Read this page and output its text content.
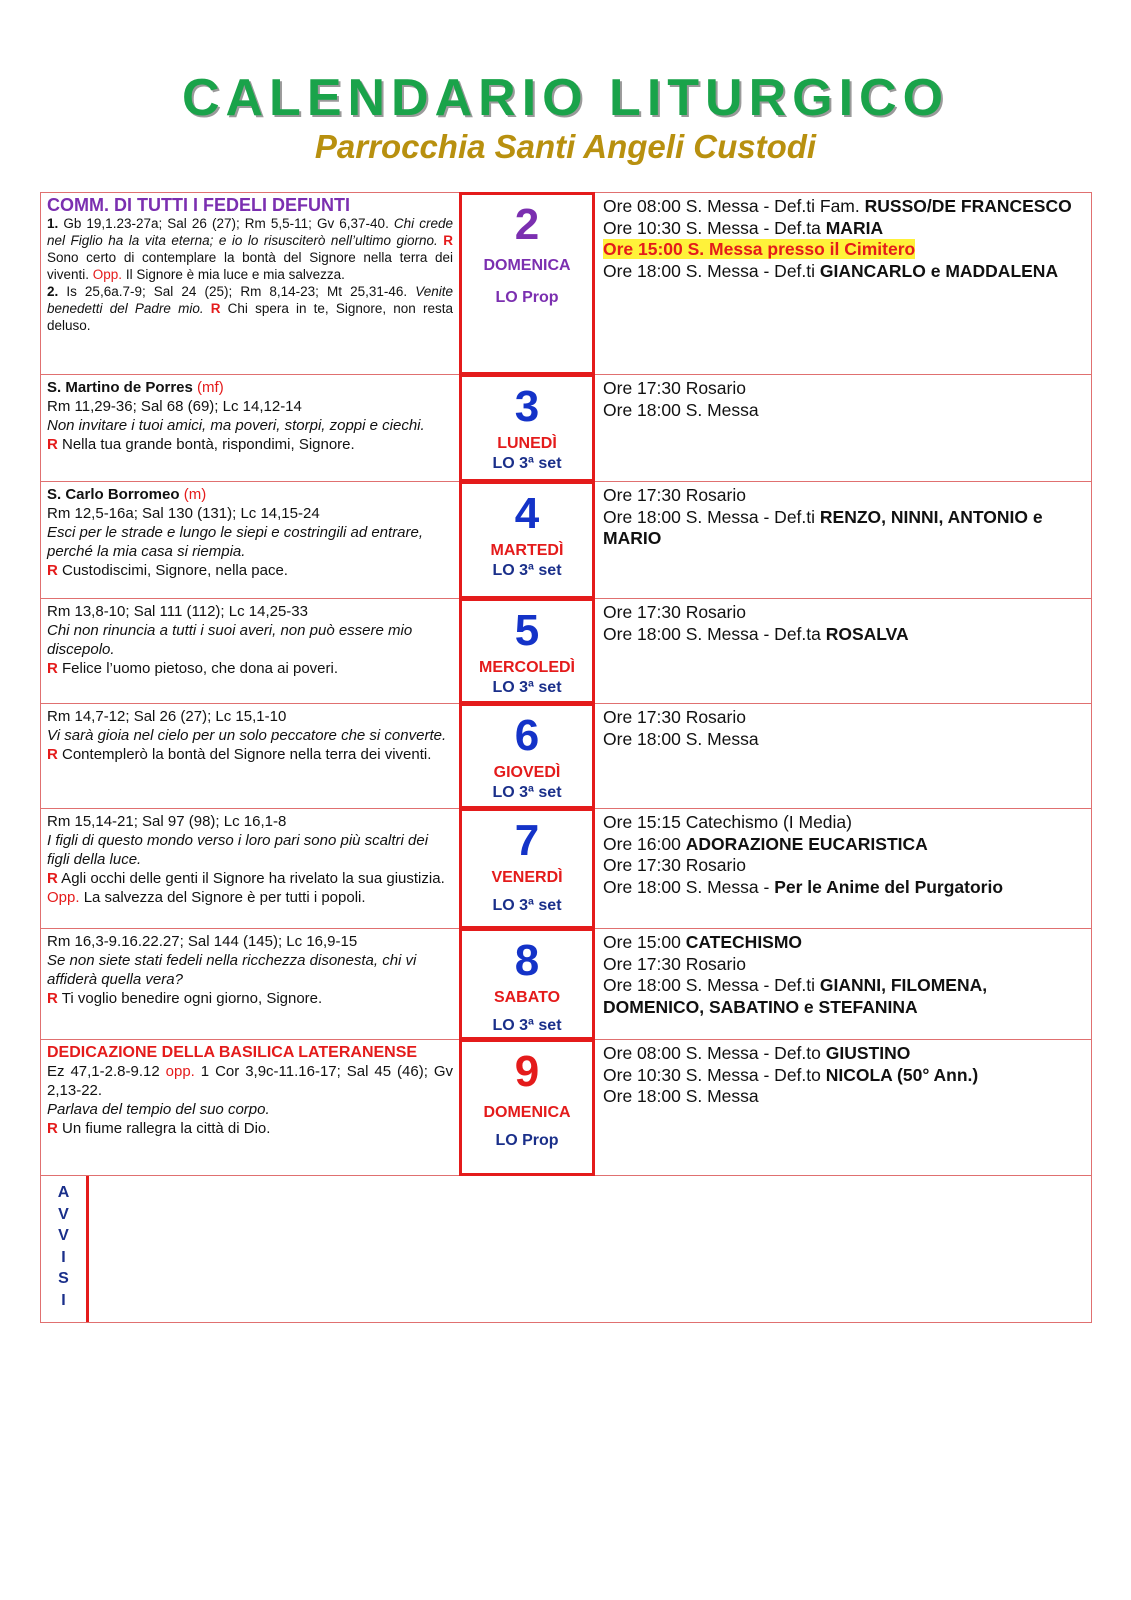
CALENDARIO LITURGICO
Parrocchia Santi Angeli Custodi
COMM. DI TUTTI I FEDELI DEFUNTI
1. Gb 19,1.23-27a; Sal 26 (27); Rm 5,5-11; Gv 6,37-40. Chi crede nel Figlio ha la vita eterna; e io lo risusciterò nell’ultimo giorno. R Sono certo di contemplare la bontà del Signore nella terra dei viventi. Opp. Il Signore è mia luce e mia salvezza.
2. Is 25,6a.7-9; Sal 24 (25); Rm 8,14-23; Mt 25,31-46. Venite benedetti del Padre mio. R Chi spera in te, Signore, non resta deluso.
2
DOMENICA
LO Prop
Ore 08:00 S. Messa - Def.ti Fam. RUSSO/DE FRANCESCO
Ore 10:30 S. Messa - Def.ta MARIA
Ore 15:00 S. Messa presso il Cimitero
Ore 18:00 S. Messa - Def.ti GIANCARLO e MADDALENA
S. Martino de Porres (mf)
Rm 11,29-36; Sal 68 (69); Lc 14,12-14
Non invitare i tuoi amici, ma poveri, storpi, zoppi e ciechi.
R Nella tua grande bontà, rispondimi, Signore.
3
LUNEDÌ
LO 3ª set
Ore 17:30 Rosario
Ore 18:00 S. Messa
S. Carlo Borromeo (m)
Rm 12,5-16a; Sal 130 (131); Lc 14,15-24
Esci per le strade e lungo le siepi e costringili ad entrare, perché la mia casa si riempia.
R Custodiscimi, Signore, nella pace.
4
MARTEDÌ
LO 3ª set
Ore 17:30 Rosario
Ore 18:00 S. Messa - Def.ti RENZO, NINNI, ANTONIO e MARIO
Rm 13,8-10; Sal 111 (112); Lc 14,25-33
Chi non rinuncia a tutti i suoi averi, non può essere mio discepolo.
R Felice l’uomo pietoso, che dona ai poveri.
5
MERCOLEDÌ
LO 3ª set
Ore 17:30 Rosario
Ore 18:00 S. Messa - Def.ta ROSALVA
Rm 14,7-12; Sal 26 (27); Lc 15,1-10
Vi sarà gioia nel cielo per un solo peccatore che si converte. R Contemplerò la bontà del Signore nella terra dei viventi.	6
GIOVEDÌ
LO 3ª set
Ore 17:30 Rosario
Ore 18:00 S. Messa
Rm 15,14-21; Sal 97 (98); Lc 16,1-8
I figli di questo mondo verso i loro pari sono più scaltri dei figli della luce.
R Agli occhi delle genti il Signore ha rivelato la sua giustizia. Opp. La salvezza del Signore è per tutti i popoli.
7
VENERDÌ
LO 3ª set
Ore 15:15 Catechismo (I Media)
Ore 16:00 ADORAZIONE EUCARISTICA
Ore 17:30 Rosario
Ore 18:00 S. Messa - Per le Anime del Purgatorio
Rm 16,3-9.16.22.27; Sal 144 (145); Lc 16,9-15
Se non siete stati fedeli nella ricchezza disonesta, chi vi affiderà quella vera?
R Ti voglio benedire ogni giorno, Signore.
8
SABATO
LO 3ª set
Ore 15:00 CATECHISMO
Ore 17:30 Rosario
Ore 18:00 S. Messa - Def.ti GIANNI, FILOMENA, DOMENICO, SABATINO e STEFANINA
DEDICAZIONE DELLA BASILICA LATERANENSE
Ez 47,1-2.8-9.12 opp. 1 Cor 3,9c-11.16-17; Sal 45 (46); Gv 2,13-22.
Parlava del tempio del suo corpo.
R Un fiume rallegra la città di Dio.
9
DOMENICA
LO Prop
Ore 08:00 S. Messa - Def.to GIUSTINO
Ore 10:30 S. Messa - Def.to NICOLA (50° Ann.)
Ore 18:00 S. Messa
A
V
V
I
S
I
